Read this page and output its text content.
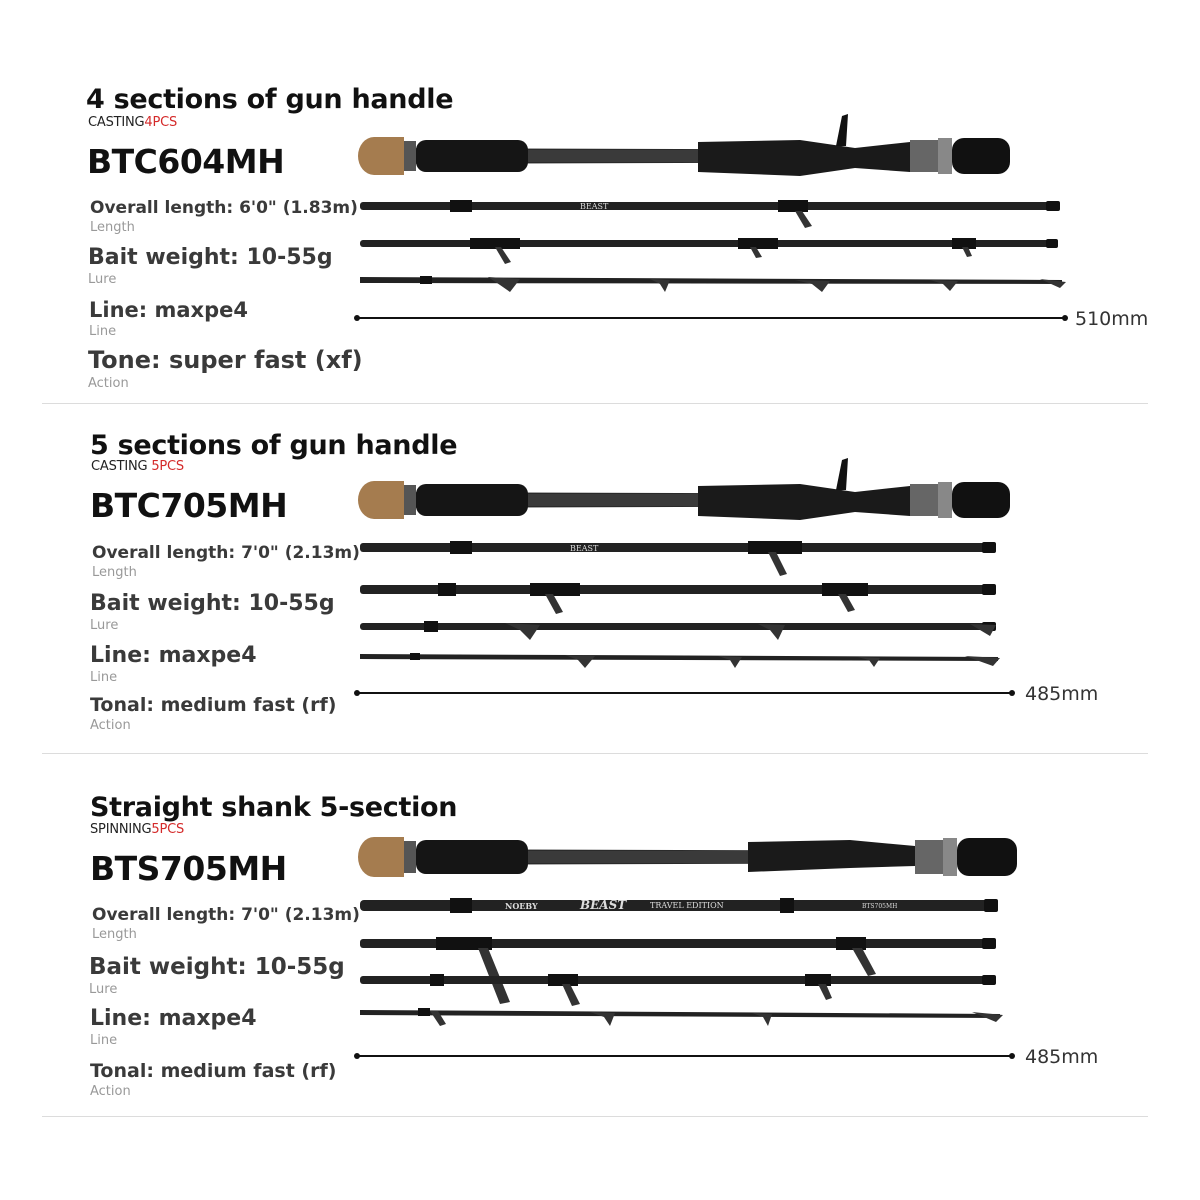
4 sections of gun handle
CASTING4PCS
BTC604MH
Overall length: 6'0" (1.83m)
Length
Bait weight: 10-55g
Lure
Line: maxpe4
Line
Tone: super fast (xf)
Action
BEAST
510mm
5 sections of gun handle
CASTING 5PCS
BTC705MH
Overall length: 7'0" (2.13m)
Length
Bait weight: 10-55g
Lure
Line: maxpe4
Line
Tonal: medium fast (rf)
Action
BEAST
485mm
Straight shank 5-section
SPINNING5PCS
BTS705MH
Overall length: 7'0" (2.13m)
Length
Bait weight: 10-55g
Lure
Line: maxpe4
Line
Tonal: medium fast (rf)
Action
NOEBY	BEAST	TRAVEL EDITION	BTS705MH
485mm
